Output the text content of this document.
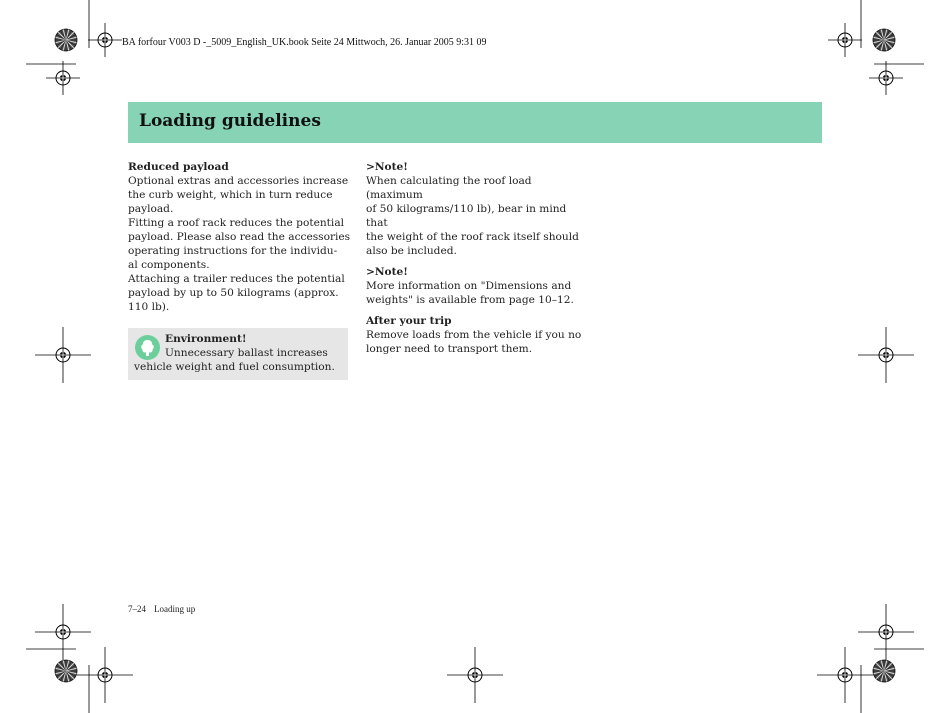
BA forfour V003 D -_5009_English_UK.book Seite 24 Mittwoch, 26. Januar 2005 9:31 09
Loading guidelines
Reduced payload

Optional extras and accessories increase

the curb weight, which in turn reduce

payload.

Fitting a roof rack reduces the potential

payload. Please also read the accessories

operating instructions for the individu-

al components.

Attaching a trailer reduces the potential

payload by up to 50 kilograms (approx.

110 lb).

Environment!
Unnecessary ballast increases
vehicle weight and fuel consumption.
>Note!

When calculating the roof load (maximum

of 50 kilograms/110 lb), bear in mind that

the weight of the roof rack itself should

also be included.

>Note!

More information on "Dimensions and

weights" is available from page 10–12.

After your trip

Remove loads from the vehicle if you no

longer need to transport them.

7–24 Loading up
